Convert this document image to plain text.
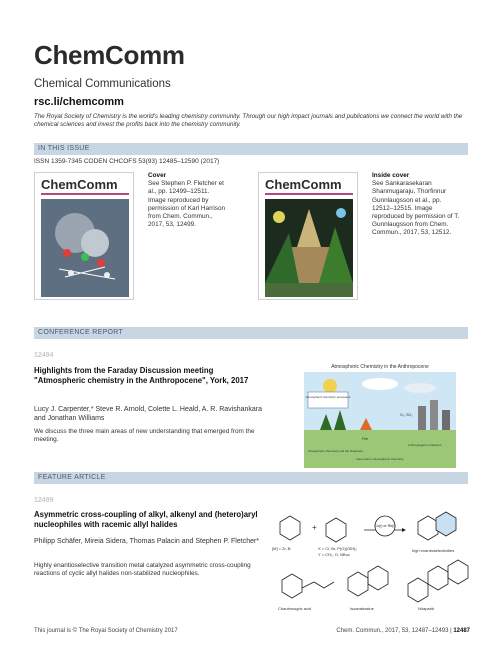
ChemComm
Chemical Communications
rsc.li/chemcomm
The Royal Society of Chemistry is the world's leading chemistry community. Through our high impact journals and publications we connect the world with the chemical sciences and invest the profits back into the chemistry community.
IN THIS ISSUE
ISSN 1359-7345 CODEN CHCOFS 53(93) 12485–12590 (2017)
ChemComm
Cover
See Stephen P. Fletcher et al., pp. 12499–12511. Image reproduced by permission of Karl Harrison from Chem. Commun., 2017, 53, 12499.
ChemComm
Inside cover
See Sankarasekaran Shanmugaraju, Thorfinnur Gunnlaugsson et al., pp. 12512–12515. Image reproduced by permission of T. Gunnlaugsson from Chem. Commun., 2017, 53, 12512.
CONFERENCE REPORT
12494
Highlights from the Faraday Discussion meeting "Atmospheric chemistry in the Anthropocene", York, 2017
Lucy J. Carpenter,* Steve R. Arnold, Colette L. Heald, A. R. Ravishankara and Jonathan Williams
We discuss the three main areas of new understanding that emerged from the meeting.
Atmospheric Chemistry in the Anthropocene
Atmospheric chemistry processes
O₃, SO₂
Fire
Atmospheric chemistry and the biosphere
Anthropogenic emissions
New tools in atmospheric chemistry
FEATURE ARTICLE
12499
Asymmetric cross-coupling of alkyl, alkenyl and (hetero)aryl nucleophiles with racemic allyl halides
Philipp Schäfer, Mireia Sidera, Thomas Palacin and Stephen P. Fletcher*
Highly enantioselective transition metal catalyzed asymmetric cross-coupling reactions of cyclic allyl halides non-stabilized nucleophiles.
[M] = Zr, B
+
X = Cl, Br, P(O)(OEt)₂
Y = CH₂, O, NBoc
Cu(I) or Rh(I)
high enantioselectivities
Chaulmoogric acid	Isoanabasine	Niraparib
This journal is © The Royal Society of Chemistry 2017	Chem. Commun., 2017, 53, 12487–12493 | 12487
